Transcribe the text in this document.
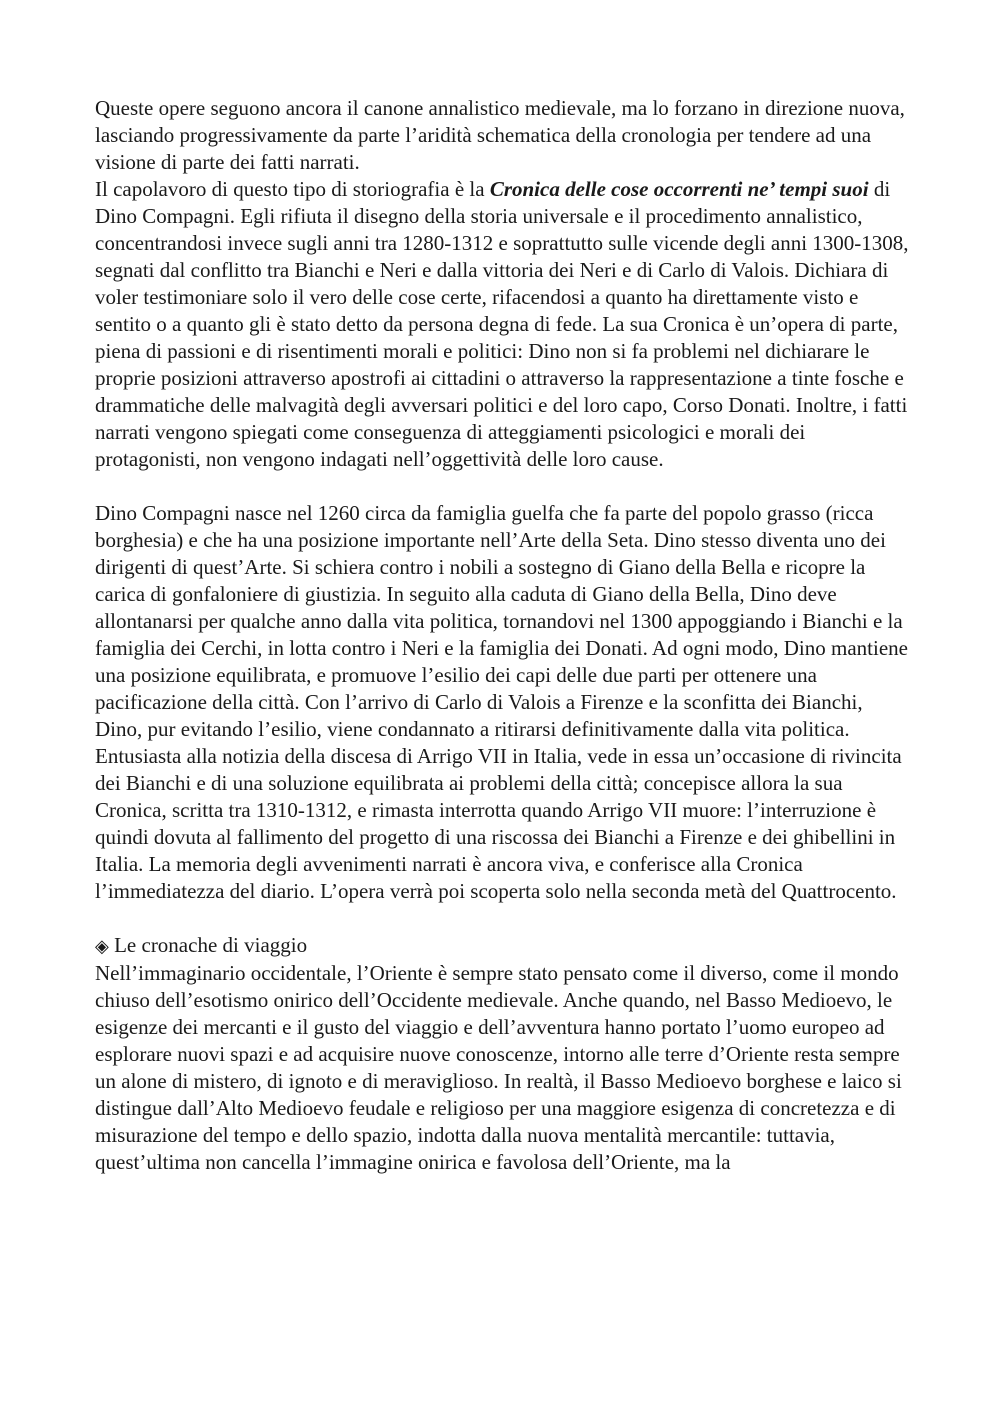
Queste opere seguono ancora il canone annalistico medievale, ma lo forzano in direzione nuova, lasciando progressivamente da parte l’aridità schematica della cronologia per tendere ad una visione di parte dei fatti narrati.

Il capolavoro di questo tipo di storiografia è la Cronica delle cose occorrenti ne’ tempi suoi di Dino Compagni. Egli rifiuta il disegno della storia universale e il procedimento annalistico, concentrandosi invece sugli anni tra 1280-1312 e soprattutto sulle vicende degli anni 1300-1308, segnati dal conflitto tra Bianchi e Neri e dalla vittoria dei Neri e di Carlo di Valois. Dichiara di voler testimoniare solo il vero delle cose certe, rifacendosi a quanto ha direttamente visto e sentito o a quanto gli è stato detto da persona degna di fede. La sua Cronica è un’opera di parte, piena di passioni e di risentimenti morali e politici: Dino non si fa problemi nel dichiarare le proprie posizioni attraverso apostrofi ai cittadini o attraverso la rappresentazione a tinte fosche e drammatiche delle malvagità degli avversari politici e del loro capo, Corso Donati. Inoltre, i fatti narrati vengono spiegati come conseguenza di atteggiamenti psicologici e morali dei protagonisti, non vengono indagati nell’oggettività delle loro cause.

Dino Compagni nasce nel 1260 circa da famiglia guelfa che fa parte del popolo grasso (ricca borghesia) e che ha una posizione importante nell’Arte della Seta. Dino stesso diventa uno dei dirigenti di quest’Arte. Si schiera contro i nobili a sostegno di Giano della Bella e ricopre la carica di gonfaloniere di giustizia. In seguito alla caduta di Giano della Bella, Dino deve allontanarsi per qualche anno dalla vita politica, tornandovi nel 1300 appoggiando i Bianchi e la famiglia dei Cerchi, in lotta contro i Neri e la famiglia dei Donati. Ad ogni modo, Dino mantiene una posizione equilibrata, e promuove l’esilio dei capi delle due parti per ottenere una pacificazione della città. Con l’arrivo di Carlo di Valois a Firenze e la sconfitta dei Bianchi, Dino, pur evitando l’esilio, viene condannato a ritirarsi definitivamente dalla vita politica. Entusiasta alla notizia della discesa di Arrigo VII in Italia, vede in essa un’occasione di rivincita dei Bianchi e di una soluzione equilibrata ai problemi della città; concepisce allora la sua Cronica, scritta tra 1310-1312, e rimasta interrotta quando Arrigo VII muore: l’interruzione è quindi dovuta al fallimento del progetto di una riscossa dei Bianchi a Firenze e dei ghibellini in Italia. La memoria degli avvenimenti narrati è ancora viva, e conferisce alla Cronica l’immediatezza del diario. L’opera verrà poi scoperta solo nella seconda metà del Quattrocento.

◈ Le cronache di viaggio

Nell’immaginario occidentale, l’Oriente è sempre stato pensato come il diverso, come il mondo chiuso dell’esotismo onirico dell’Occidente medievale. Anche quando, nel Basso Medioevo, le esigenze dei mercanti e il gusto del viaggio e dell’avventura hanno portato l’uomo europeo ad esplorare nuovi spazi e ad acquisire nuove conoscenze, intorno alle terre d’Oriente resta sempre un alone di mistero, di ignoto e di meraviglioso. In realtà, il Basso Medioevo borghese e laico si distingue dall’Alto Medioevo feudale e religioso per una maggiore esigenza di concretezza e di misurazione del tempo e dello spazio, indotta dalla nuova mentalità mercantile: tuttavia, quest’ultima non cancella l’immagine onirica e favolosa dell’Oriente, ma la
